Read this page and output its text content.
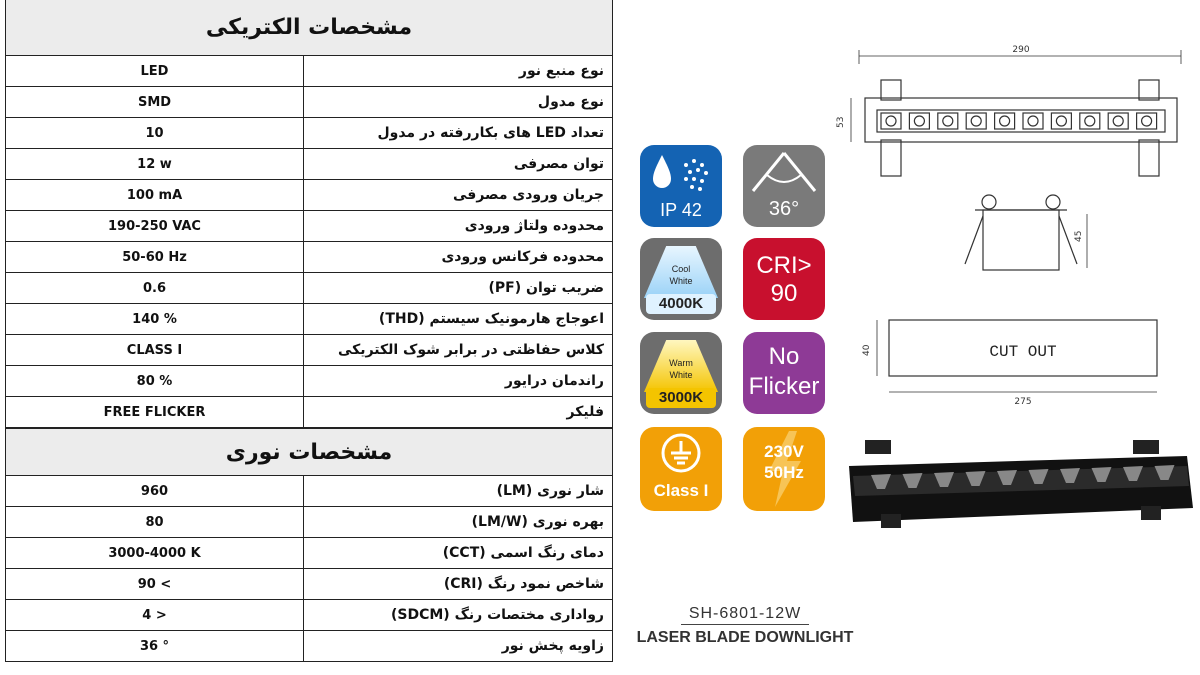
مشخصات الکتریکی
LED	نوع منبع نور
SMD	نوع مدول
10	تعداد LED های بکاررفته در مدول
12 w	توان مصرفی
100 mA	جریان ورودی مصرفی
190-250 VAC	محدوده ولتاژ ورودی
50-60 Hz	محدوده فرکانس ورودی
0.6	ضریب توان (PF)
140 %	اعوجاج هارمونیک سیستم (THD)
CLASS I	کلاس حفاظتی در برابر شوک الکتریکی
80 %	راندمان درایور
FREE FLICKER	فلیکر
مشخصات نوری
960	شار نوری (LM)
80	بهره نوری (LM/W)
3000-4000 K	دمای رنگ اسمی (CCT)
90 <	شاخص نمود رنگ (CRI)
4 >	رواداری مختصات رنگ (SDCM)
36 °	زاویه پخش نور
IP 42	36°
Cool
White
4000K
CRI>
90
Warm
White
3000K
No
Flicker
Class I
230V
50Hz
290
53
45
CUT OUT
40
275
SH-6801-12W
LASER BLADE DOWNLIGHT
